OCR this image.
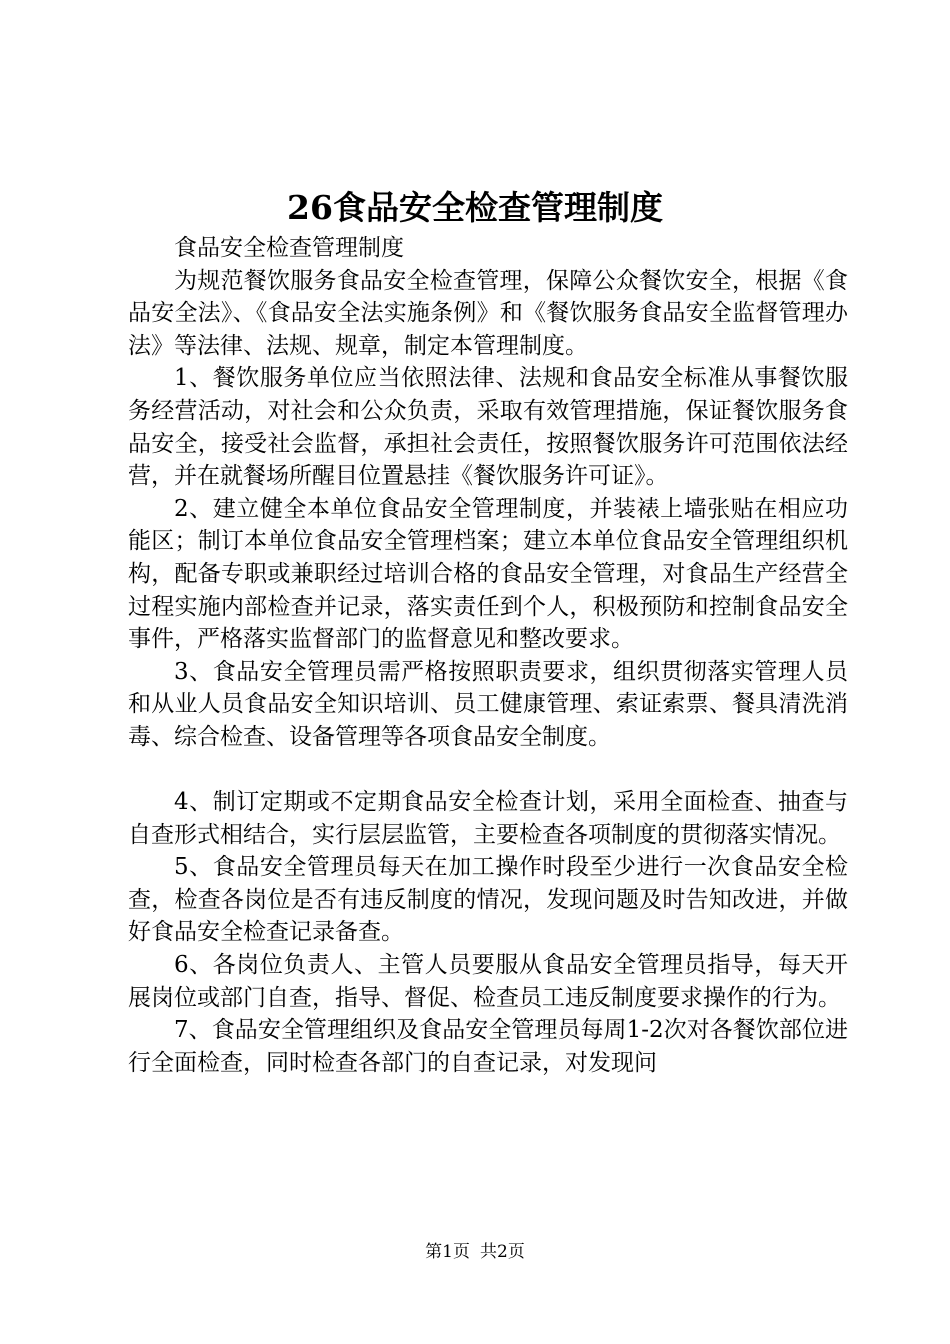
26食品安全检查管理制度

食品安全检查管理制度

为规范餐饮服务食品安全检查管理，保障公众餐饮安全，根据《食品安全法》、《食品安全法实施条例》和《餐饮服务食品安全监督管理办法》等法律、法规、规章，制定本管理制度。

1、餐饮服务单位应当依照法律、法规和食品安全标准从事餐饮服务经营活动，对社会和公众负责，采取有效管理措施，保证餐饮服务食品安全，接受社会监督，承担社会责任，按照餐饮服务许可范围依法经营，并在就餐场所醒目位置悬挂《餐饮服务许可证》。

2、建立健全本单位食品安全管理制度，并装裱上墙张贴在相应功能区；制订本单位食品安全管理档案；建立本单位食品安全管理组织机构，配备专职或兼职经过培训合格的食品安全管理，对食品生产经营全过程实施内部检查并记录，落实责任到个人，积极预防和控制食品安全事件，严格落实监督部门的监督意见和整改要求。

3、食品安全管理员需严格按照职责要求，组织贯彻落实管理人员和从业人员食品安全知识培训、员工健康管理、索证索票、餐具清洗消毒、综合检查、设备管理等各项食品安全制度。

4、制订定期或不定期食品安全检查计划，采用全面检查、抽查与自查形式相结合，实行层层监管，主要检查各项制度的贯彻落实情况。

5、食品安全管理员每天在加工操作时段至少进行一次食品安全检查，检查各岗位是否有违反制度的情况，发现问题及时告知改进，并做好食品安全检查记录备查。

6、各岗位负责人、主管人员要服从食品安全管理员指导，每天开展岗位或部门自查，指导、督促、检查员工违反制度要求操作的行为。

7、食品安全管理组织及食品安全管理员每周1-2次对各餐饮部位进行全面检查，同时检查各部门的自查记录，对发现问

第1页 共2页
